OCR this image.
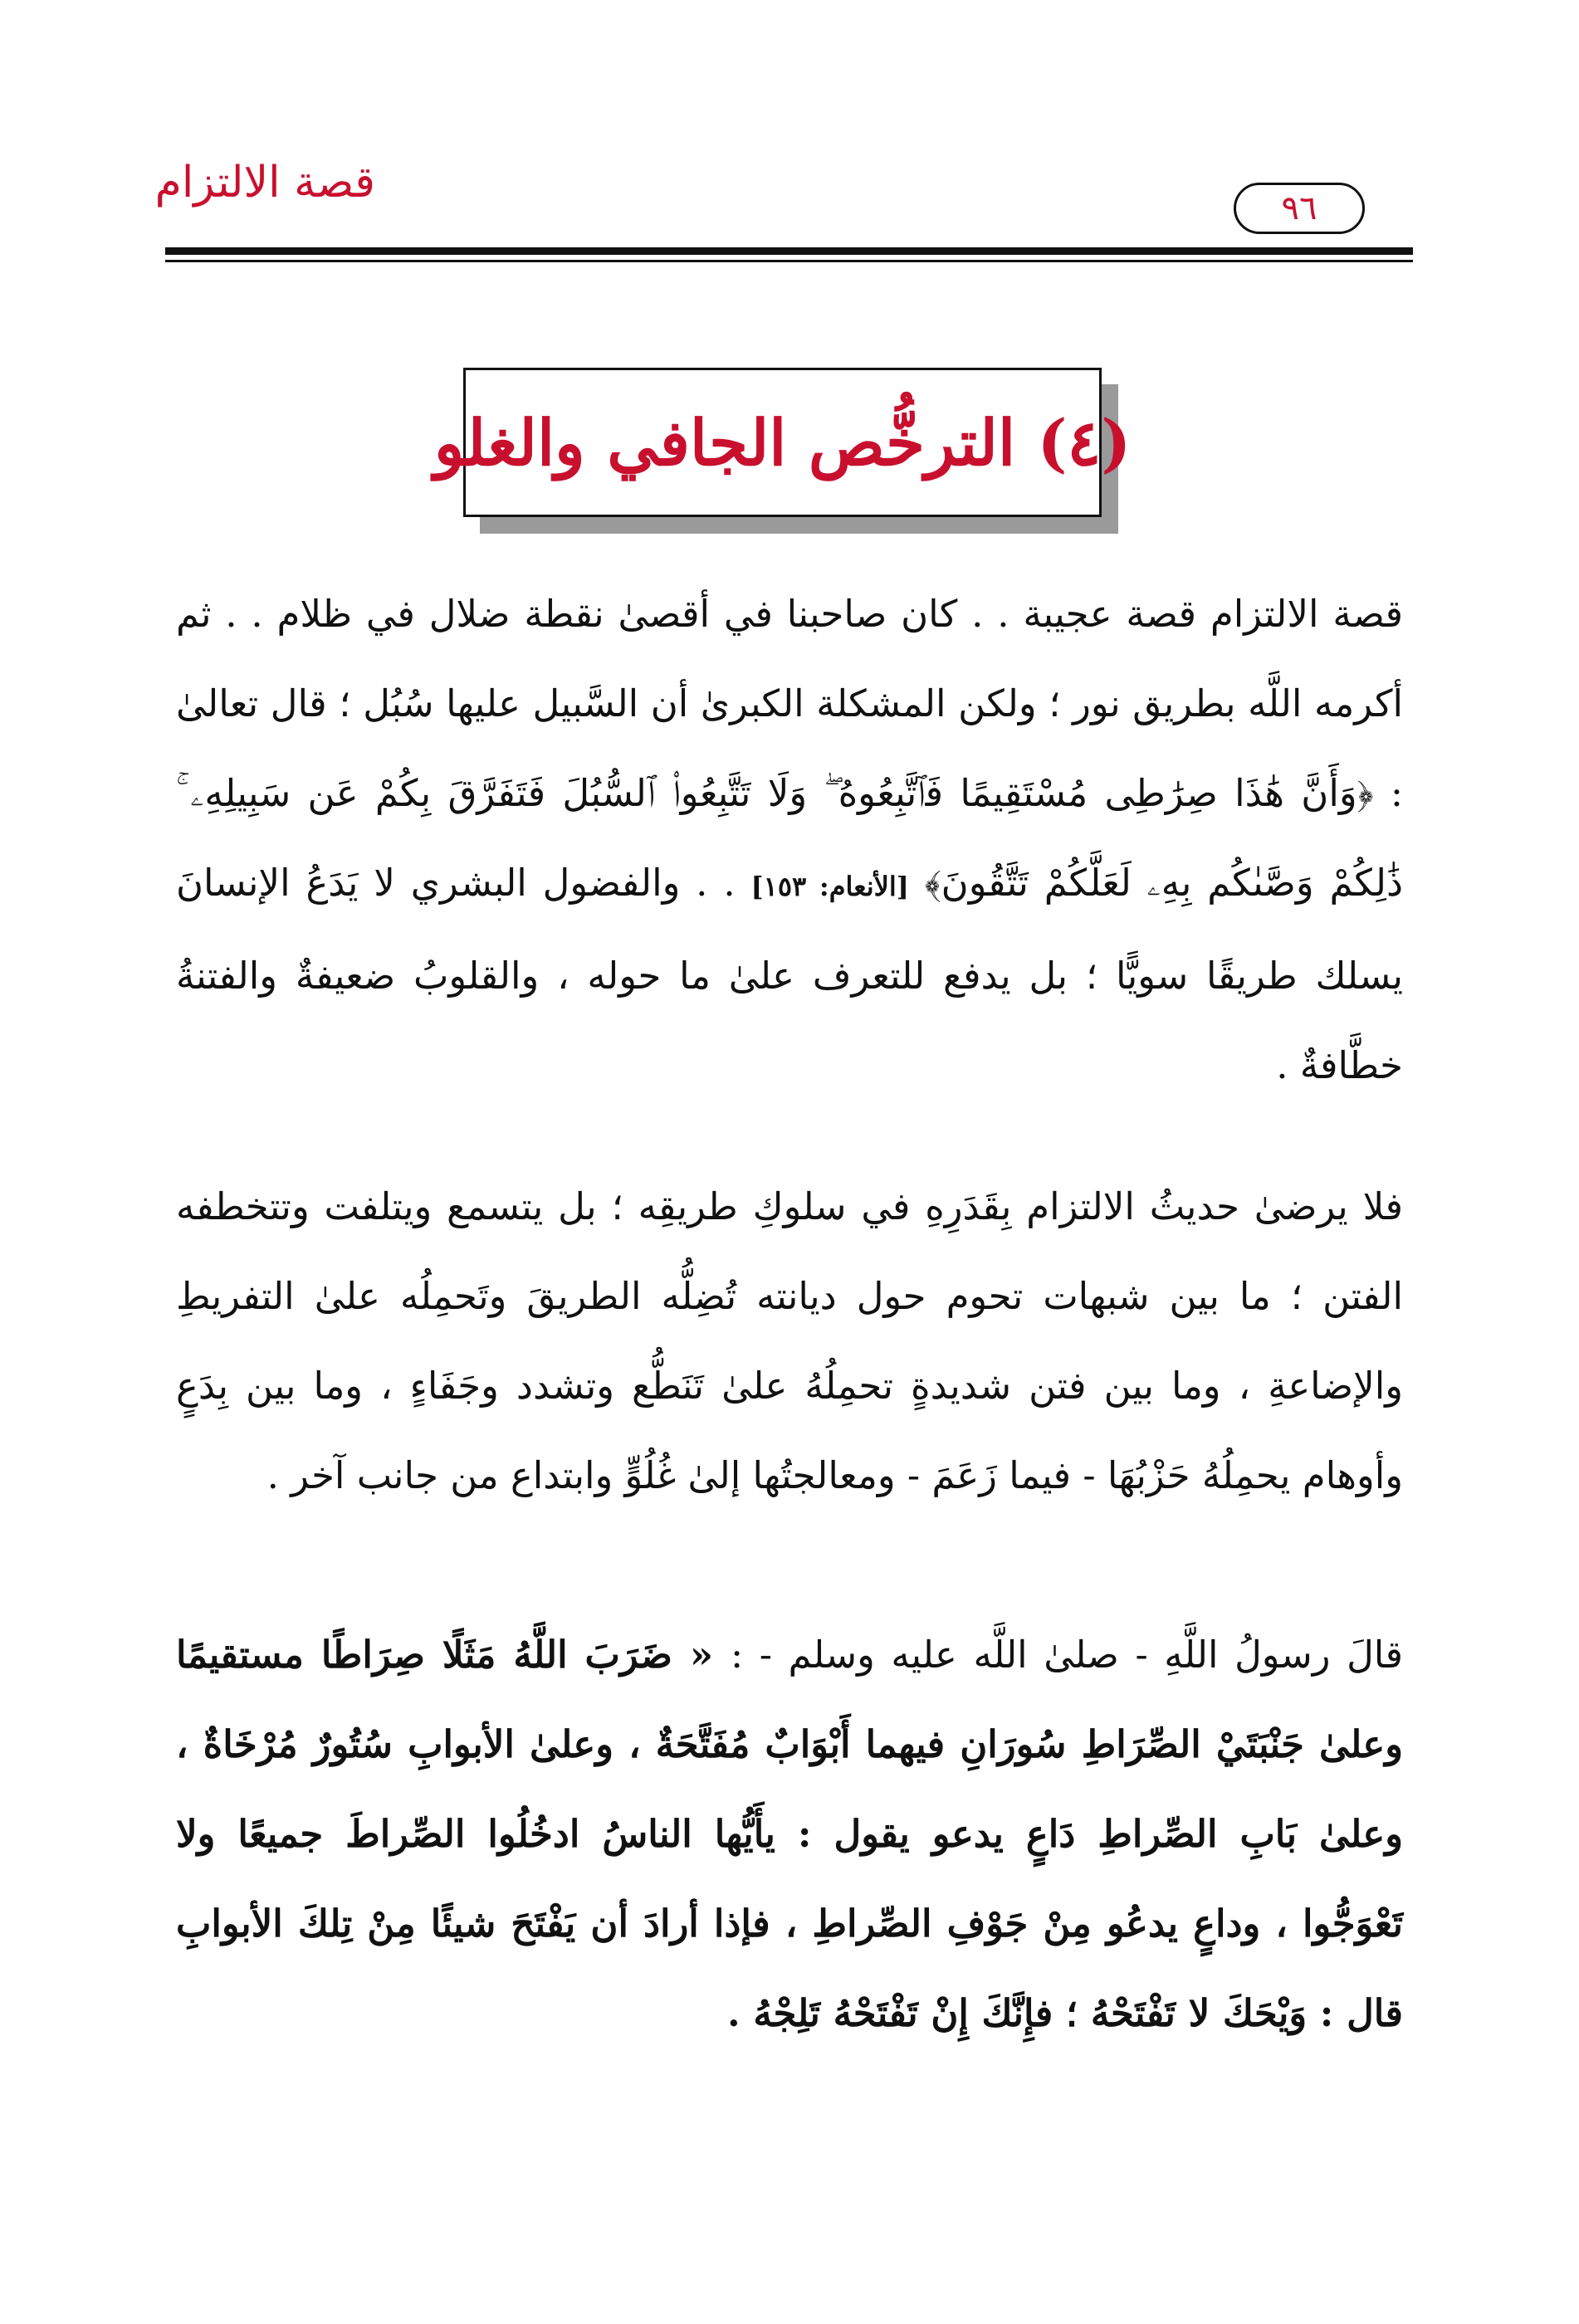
قصة الالتزام
٩٦
(٤) الترخُّص الجافي والغلو
قصة الالتزام قصة عجيبة . . كان صاحبنا في أقصىٰ نقطة ضلال في ظلام . . ثم أكرمه اللَّه بطريق نور ؛ ولكن المشكلة الكبرىٰ أن السَّبيل عليها سُبُل ؛ قال تعالىٰ : ﴿وَأَنَّ هَٰذَا صِرَٰطِى مُسْتَقِيمًا فَٱتَّبِعُوهُ ۖ وَلَا تَتَّبِعُوا۟ ٱلسُّبُلَ فَتَفَرَّقَ بِكُمْ عَن سَبِيلِهِۦ ۚ ذَٰلِكُمْ وَصَّىٰكُم بِهِۦ لَعَلَّكُمْ تَتَّقُونَ﴾ [الأنعام: ١٥٣] . . والفضول البشري لا يَدَعُ الإنسانَ يسلك طريقًا سويًّا ؛ بل يدفع للتعرف علىٰ ما حوله ، والقلوبُ ضعيفةٌ والفتنةُ خطَّافةٌ .
فلا يرضىٰ حديثُ الالتزام بِقَدَرِهِ في سلوكِ طريقِه ؛ بل يتسمع ويتلفت وتتخطفه الفتن ؛ ما بين شبهات تحوم حول ديانته تُضِلُّه الطريقَ وتَحمِلُه علىٰ التفريطِ والإضاعةِ ، وما بين فتن شديدةٍ تحمِلُهُ علىٰ تَنَطُّع وتشدد وجَفَاءٍ ، وما بين بِدَعٍ وأوهام يحمِلُهُ حَزْبُهَا - فيما زَعَمَ - ومعالجتُها إلىٰ غُلُوٍّ وابتداع من جانب آخر .
قالَ رسولُ اللَّهِ - صلىٰ اللَّه عليه وسلم - : « ضَرَبَ اللَّهُ مَثَلًا صِرَاطًا مستقيمًا وعلىٰ جَنْبَتَيْ الصِّرَاطِ سُورَانِ فيهما أَبْوَابٌ مُفَتَّحَةٌ ، وعلىٰ الأبوابِ سُتُورٌ مُرْخَاةٌ ، وعلىٰ بَابِ الصِّراطِ دَاعٍ يدعو يقول : يأَيُّها الناسُ ادخُلُوا الصِّراطَ جميعًا ولا تَعْوَجُّوا ، وداعٍ يدعُو مِنْ جَوْفِ الصِّراطِ ، فإذا أرادَ أن يَفْتَحَ شيئًا مِنْ تِلكَ الأبوابِ قال : وَيْحَكَ لا تَفْتَحْهُ ؛ فإِنَّكَ إِنْ تَفْتَحْهُ تَلِجْهُ .
